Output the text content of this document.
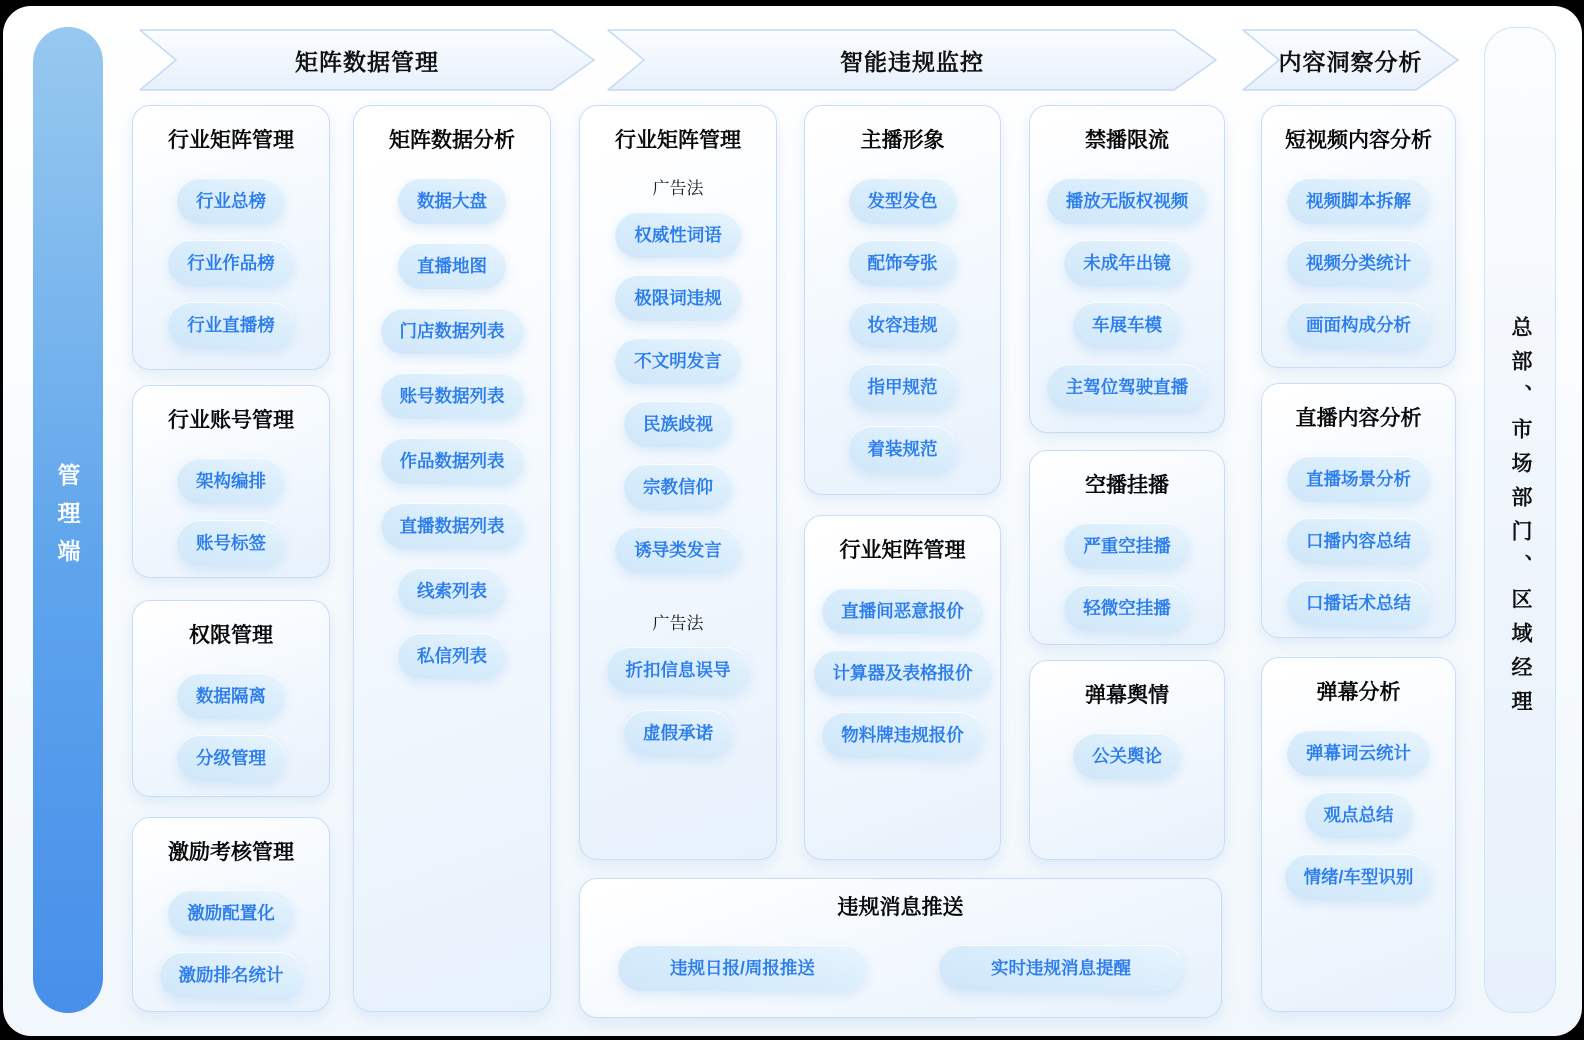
管理端
矩阵数据管理	智能违规监控	内容洞察分析
行业矩阵管理
行业总榜
行业作品榜
行业直播榜
行业账号管理
架构编排
账号标签
权限管理
数据隔离
分级管理
激励考核管理
激励配置化
激励排名统计
矩阵数据分析
数据大盘
直播地图
门店数据列表
账号数据列表
作品数据列表
直播数据列表
线索列表
私信列表
行业矩阵管理
广告法
权威性词语
极限词违规
不文明发言
民族歧视
宗教信仰
诱导类发言
广告法
折扣信息误导
虚假承诺
主播形象
发型发色
配饰夸张
妆容违规
指甲规范
着装规范
行业矩阵管理
直播间恶意报价
计算器及表格报价
物料牌违规报价
禁播限流
播放无版权视频
未成年出镜
车展车模
主驾位驾驶直播
空播挂播
严重空挂播
轻微空挂播
弹幕舆情
公关舆论
短视频内容分析
视频脚本拆解
视频分类统计
画面构成分析
直播内容分析
直播场景分析
口播内容总结
口播话术总结
弹幕分析
弹幕词云统计
观点总结
情绪/车型识别
违规消息推送
违规日报/周报推送	实时违规消息提醒
总部、市场部门、区域经理
